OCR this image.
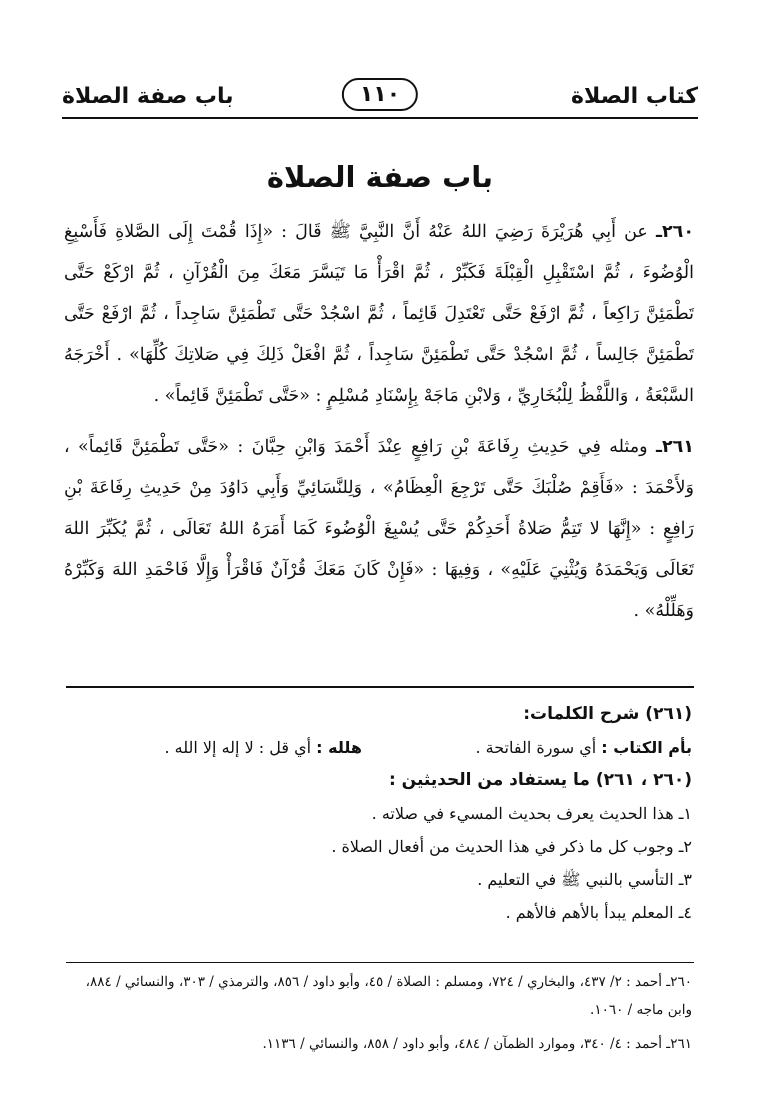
كتاب الصلاة
١١٠
باب صفة الصلاة
باب صفة الصلاة

٢٦٠ـ عن أَبِي هُرَيْرَةَ رَضِيَ اللهُ عَنْهُ أَنَّ النَّبِيَّ ﷺ قَالَ : «إِذَا قُمْتَ إِلَى الصَّلاةِ فَأَسْبِغِ الْوُضُوءَ ، ثُمَّ اسْتَقْبِلِ الْقِبْلَةَ فَكَبِّرْ ، ثُمَّ اقْرَأْ مَا تَيَسَّرَ مَعَكَ مِنَ الْقُرْآنِ ، ثُمَّ ارْكَعْ حَتَّى تَطْمَئِنَّ رَاكِعاً ، ثُمَّ ارْفَعْ حَتَّى تَعْتَدِلَ قَائِماً ، ثُمَّ اسْجُدْ حَتَّى تَطْمَئِنَّ سَاجِداً ، ثُمَّ ارْفَعْ حَتَّى تَطْمَئِنَّ جَالِساً ، ثُمَّ اسْجُدْ حَتَّى تَطْمَئِنَّ سَاجِداً ، ثُمَّ افْعَلْ ذَلِكَ فِي صَلاتِكَ كُلِّهَا» . أَخْرَجَهُ السَّبْعَةُ ، وَاللَّفْظُ لِلْبُخَارِيِّ ، وَلابْنِ مَاجَهْ بِإِسْنَادِ مُسْلِمٍ : «حَتَّى تَطْمَئِنَّ قَائِماً» .

٢٦١ـ ومثله فِي حَدِيثِ رِفَاعَةَ بْنِ رَافِعٍ عِنْدَ أَحْمَدَ وَابْنِ حِبَّانَ : «حَتَّى تَطْمَئِنَّ قَائِماً» ، وَلأَحْمَدَ : «فَأَقِمْ صُلْبَكَ حَتَّى تَرْجِعَ الْعِظَامُ» ، وَلِلنَّسَائِيِّ وَأَبِي دَاوُدَ مِنْ حَدِيثِ رِفَاعَةَ بْنِ رَافِعٍ : «إِنَّهَا لا تَتِمُّ صَلاةُ أَحَدِكُمْ حَتَّى يُسْبِغَ الْوُضُوءَ كَمَا أَمَرَهُ اللهُ تَعَالَى ، ثُمَّ يُكَبِّرَ اللهَ تَعَالَى وَيَحْمَدَهُ وَيُثْنِيَ عَلَيْهِ» ، وَفِيهَا : «فَإِنْ كَانَ مَعَكَ قُرْآنٌ فَاقْرَأْ وَإِلَّا فَاحْمَدِ اللهَ وَكَبِّرْهُ وَهَلِّلْهُ» .

(٢٦١) شرح الكلمات:
بأم الكتاب : أي سورة الفاتحة .
هلله : أي قل : لا إله إلا الله .
(٢٦٠ ، ٢٦١) ما يستفاد من الحديثين :

١ـ هذا الحديث يعرف بحديث المسيء في صلاته .

٢ـ وجوب كل ما ذكر في هذا الحديث من أفعال الصلاة .

٣ـ التأسي بالنبي ﷺ في التعليم .

٤ـ المعلم يبدأ بالأهم فالأهم .

٢٦٠ـ أحمد : ٢/ ٤٣٧، والبخاري / ٧٢٤، ومسلم : الصلاة / ٤٥، وأبو داود / ٨٥٦، والترمذي / ٣٠٣، والنسائي / ٨٨٤، وابن ماجه / ١٠٦٠.

٢٦١ـ أحمد : ٤/ ٣٤٠، وموارد الظمآن / ٤٨٤، وأبو داود / ٨٥٨، والنسائي / ١١٣٦.
